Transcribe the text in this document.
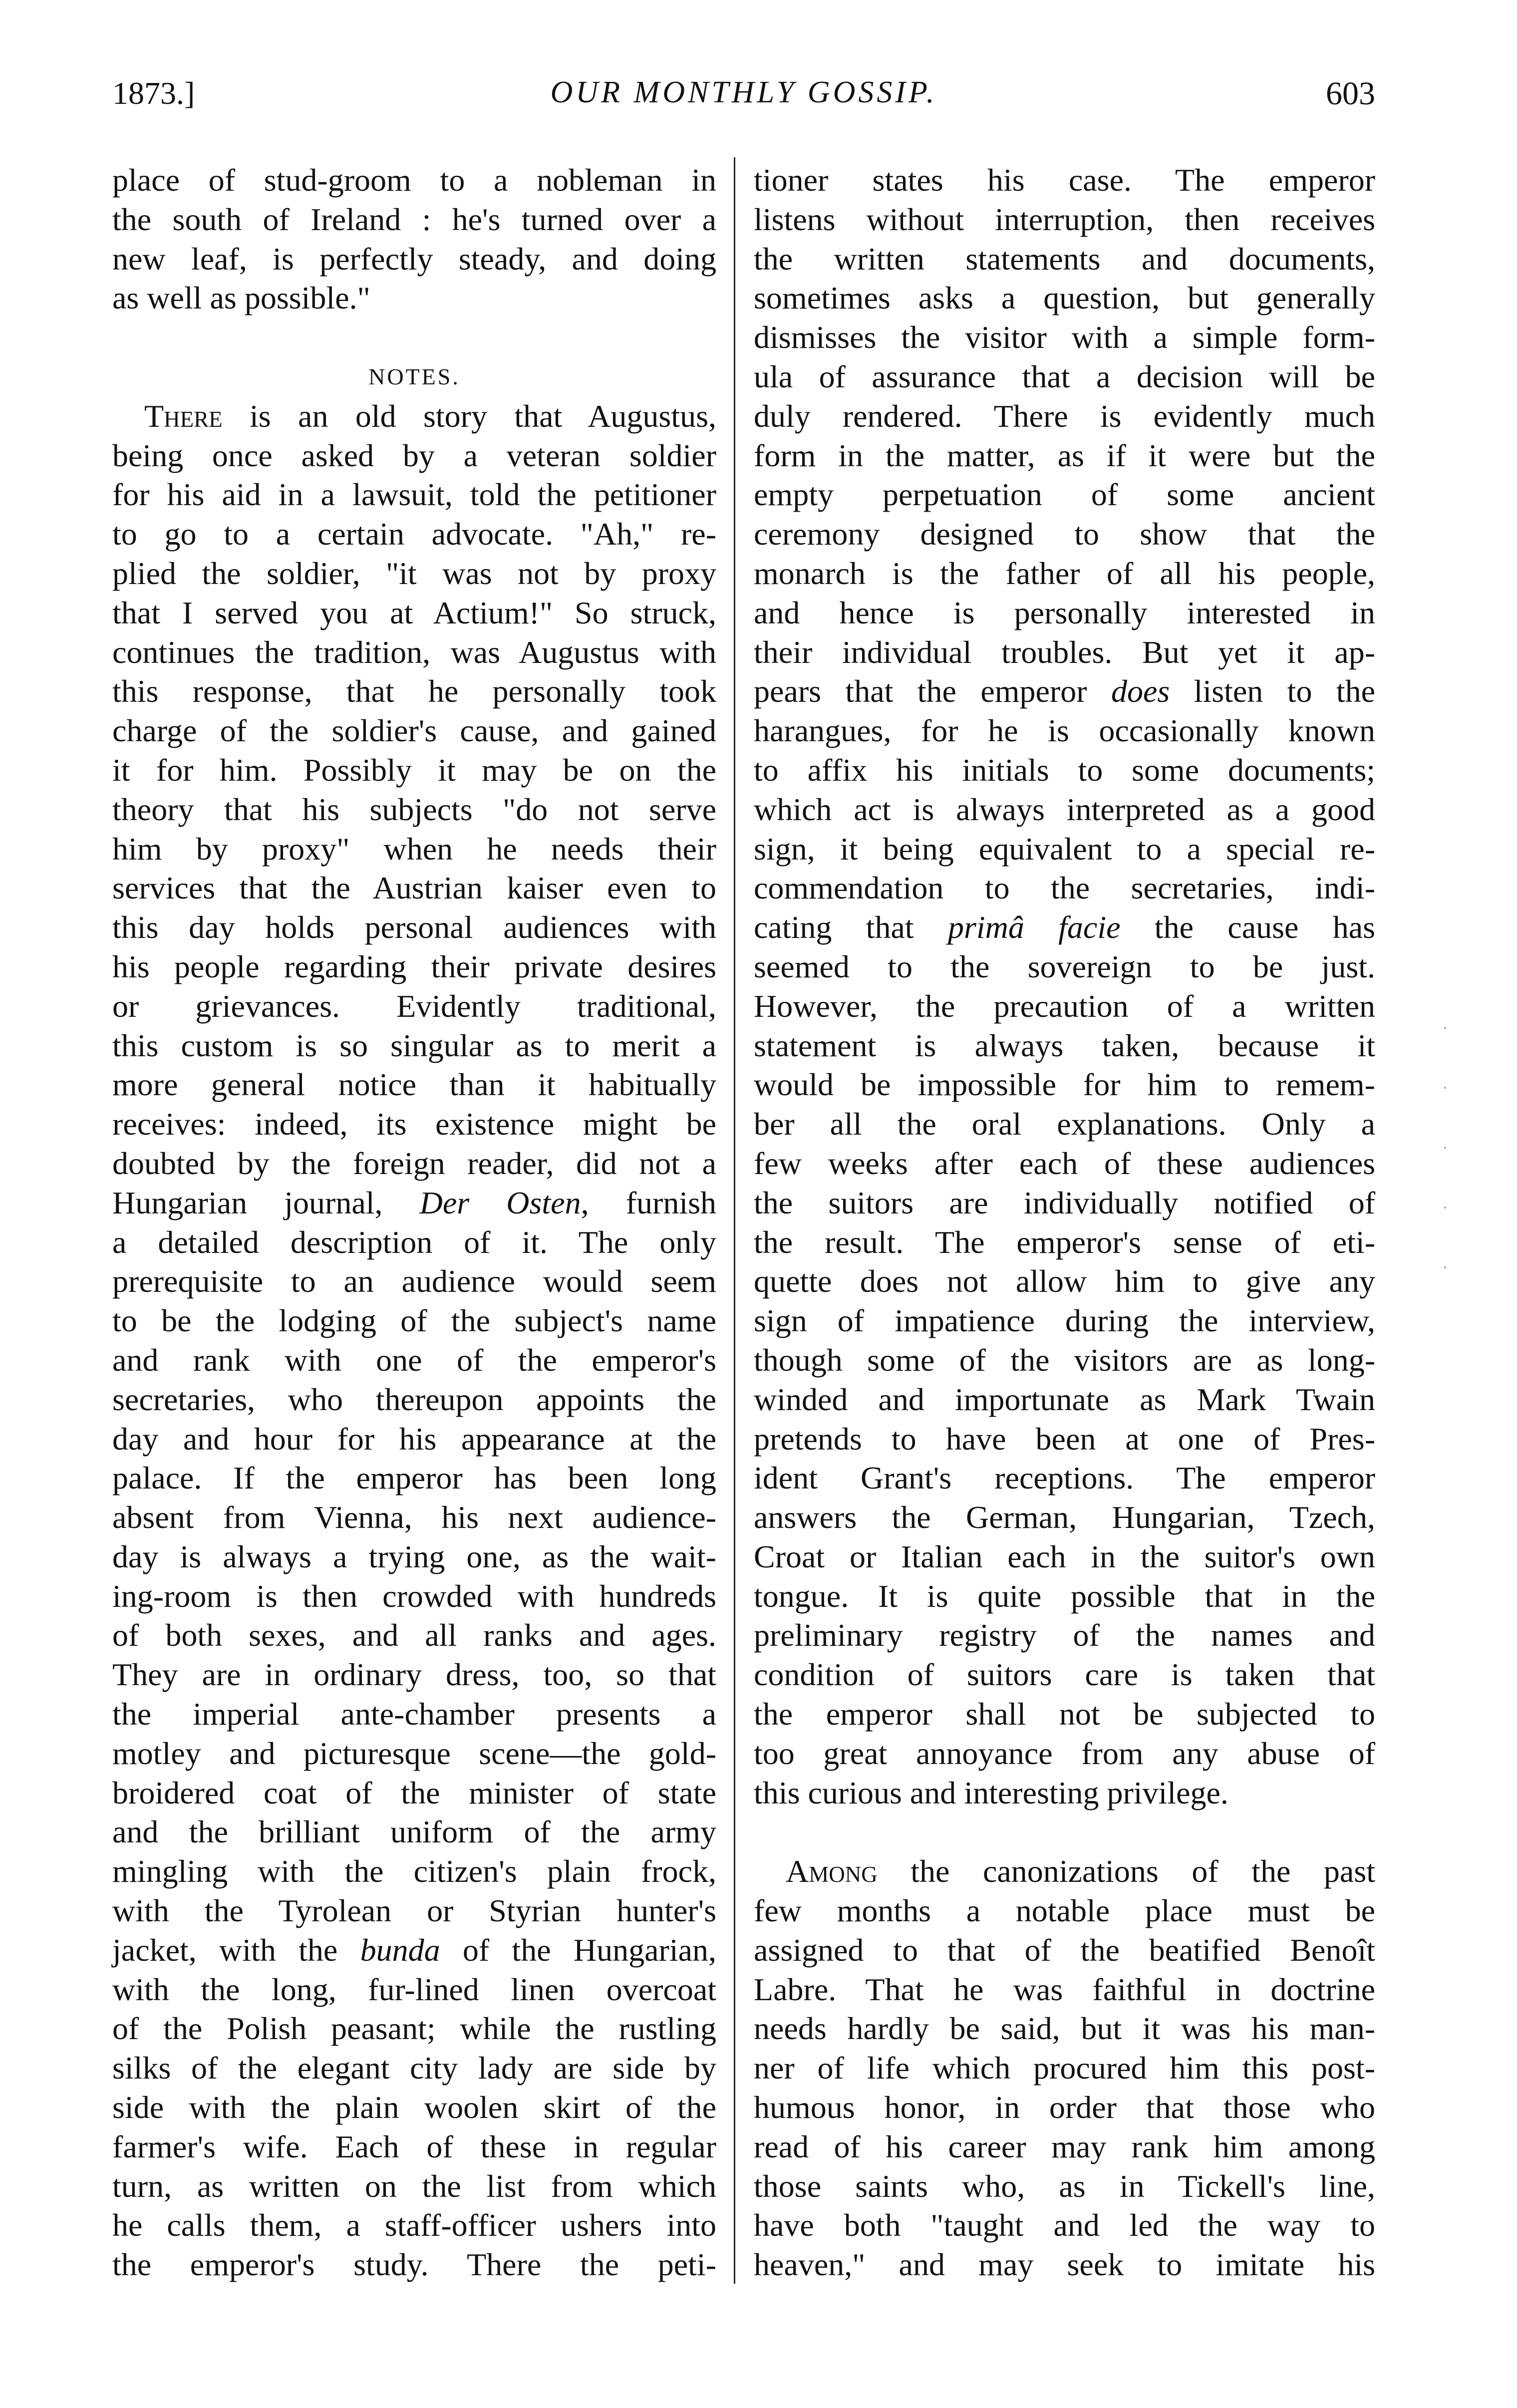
1873.]	OUR MONTHLY GOSSIP.	603
place of stud-groom to a nobleman in
the south of Ireland : he's turned over a
new leaf, is perfectly steady, and doing
as well as possible."

NOTES.

There is an old story that Augustus,
being once asked by a veteran soldier
for his aid in a lawsuit, told the petitioner
to go to a certain advocate. "Ah," re-
plied the soldier, "it was not by proxy
that I served you at Actium!" So struck,
continues the tradition, was Augustus with
this response, that he personally took
charge of the soldier's cause, and gained
it for him. Possibly it may be on the
theory that his subjects "do not serve
him by proxy" when he needs their
services that the Austrian kaiser even to
this day holds personal audiences with
his people regarding their private desires
or grievances. Evidently traditional,
this custom is so singular as to merit a
more general notice than it habitually
receives: indeed, its existence might be
doubted by the foreign reader, did not a
Hungarian journal, Der Osten, furnish
a detailed description of it. The only
prerequisite to an audience would seem
to be the lodging of the subject's name
and rank with one of the emperor's
secretaries, who thereupon appoints the
day and hour for his appearance at the
palace. If the emperor has been long
absent from Vienna, his next audience-
day is always a trying one, as the wait-
ing-room is then crowded with hundreds
of both sexes, and all ranks and ages.
They are in ordinary dress, too, so that
the imperial ante-chamber presents a
motley and picturesque scene—the gold-
broidered coat of the minister of state
and the brilliant uniform of the army
mingling with the citizen's plain frock,
with the Tyrolean or Styrian hunter's
jacket, with the bunda of the Hungarian,
with the long, fur-lined linen overcoat
of the Polish peasant; while the rustling
silks of the elegant city lady are side by
side with the plain woolen skirt of the
farmer's wife. Each of these in regular
turn, as written on the list from which
he calls them, a staff-officer ushers into
the emperor's study. There the peti-
tioner states his case. The emperor
listens without interruption, then receives
the written statements and documents,
sometimes asks a question, but generally
dismisses the visitor with a simple form-
ula of assurance that a decision will be
duly rendered. There is evidently much
form in the matter, as if it were but the
empty perpetuation of some ancient
ceremony designed to show that the
monarch is the father of all his people,
and hence is personally interested in
their individual troubles. But yet it ap-
pears that the emperor does listen to the
harangues, for he is occasionally known
to affix his initials to some documents;
which act is always interpreted as a good
sign, it being equivalent to a special re-
commendation to the secretaries, indi-
cating that primâ facie the cause has
seemed to the sovereign to be just.
However, the precaution of a written
statement is always taken, because it
would be impossible for him to remem-
ber all the oral explanations. Only a
few weeks after each of these audiences
the suitors are individually notified of
the result. The emperor's sense of eti-
quette does not allow him to give any
sign of impatience during the interview,
though some of the visitors are as long-
winded and importunate as Mark Twain
pretends to have been at one of Pres-
ident Grant's receptions. The emperor
answers the German, Hungarian, Tzech,
Croat or Italian each in the suitor's own
tongue. It is quite possible that in the
preliminary registry of the names and
condition of suitors care is taken that
the emperor shall not be subjected to
too great annoyance from any abuse of
this curious and interesting privilege.
Among the canonizations of the past
few months a notable place must be
assigned to that of the beatified Benoît
Labre. That he was faithful in doctrine
needs hardly be said, but it was his man-
ner of life which procured him this post-
humous honor, in order that those who
read of his career may rank him among
those saints who, as in Tickell's line,
have both "taught and led the way to
heaven," and may seek to imitate his
·
·
·
·
·
